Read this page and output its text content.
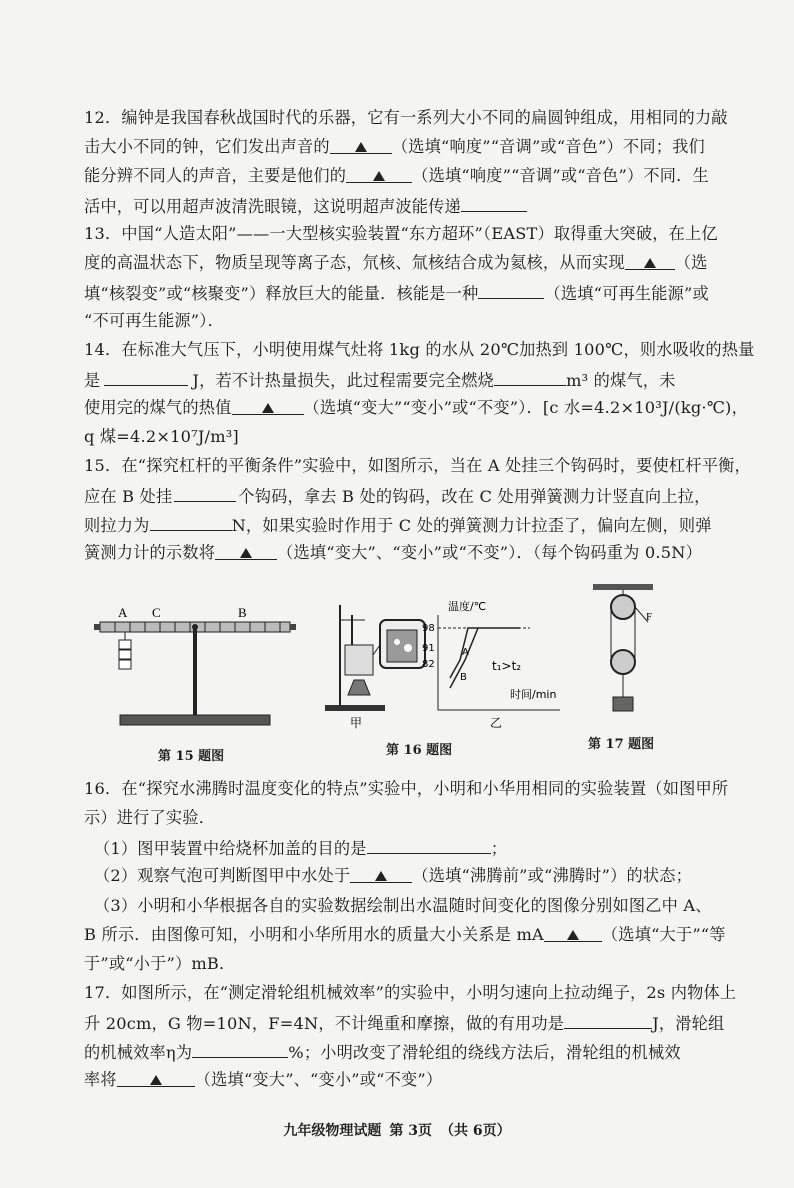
12．编钟是我国春秋战国时代的乐器，它有一系列大小不同的扁圆钟组成，用相同的力敲
击大小不同的钟，它们发出声音的	（选填“响度”“音调”或“音色”）不同；我们
能分辨不同人的声音，主要是他们的	（选填“响度”“音调”或“音色”）不同．生
活中，可以用超声波清洗眼镜，这说明超声波能传递
13．中国“人造太阳”——一大型核实验装置“东方超环”（EAST）取得重大突破，在上亿
度的高温状态下，物质呈现等离子态，氘核、氚核结合成为氦核，从而实现	（选
填“核裂变”或“核聚变”）释放巨大的能量．核能是一种	（选填“可再生能源”或
“不可再生能源”）．
14．在标准大气压下，小明使用煤气灶将 1kg 的水从 20℃加热到 100℃，则水吸收的热量
是	J，若不计热量损失，此过程需要完全燃烧	m³ 的煤气，未
使用完的煤气的热值	（选填“变大”“变小”或“不变”）．[c 水=4.2×10³J/(kg·℃)，
q 煤=4.2×10⁷J/m³]
15．在“探究杠杆的平衡条件”实验中，如图所示，当在 A 处挂三个钩码时，要使杠杆平衡，
应在 B 处挂	个钩码，拿去 B 处的钩码，改在 C 处用弹簧测力计竖直向上拉，
则拉力为	N，如果实验时作用于 C 处的弹簧测力计拉歪了，偏向左侧，则弹
簧测力计的示数将	（选填“变大”、“变小”或“不变”）．（每个钩码重为 0.5N）
A C	B
第 15 题图
温度/℃
98
91
82
A
B
t₁>t₂
时间/min
甲	乙
第 16 题图
F
第 17 题图
16．在“探究水沸腾时温度变化的特点”实验中，小明和小华用相同的实验装置（如图甲所
示）进行了实验．
（1）图甲装置中给烧杯加盖的目的是	；
（2）观察气泡可判断图甲中水处于	（选填“沸腾前”或“沸腾时”）的状态；
（3）小明和小华根据各自的实验数据绘制出水温随时间变化的图像分别如图乙中 A、
B 所示．由图像可知，小明和小华所用水的质量大小关系是 mA	（选填“大于”“等
于”或“小于”）mB．
17．如图所示，在“测定滑轮组机械效率”的实验中，小明匀速向上拉动绳子，2s 内物体上
升 20cm，G 物=10N，F=4N，不计绳重和摩擦，做的有用功是	J，滑轮组
的机械效率η为	%；小明改变了滑轮组的绕线方法后，滑轮组的机械效
率将	（选填“变大”、“变小”或“不变”）
九年级物理试题 第 3页 （共 6页）
